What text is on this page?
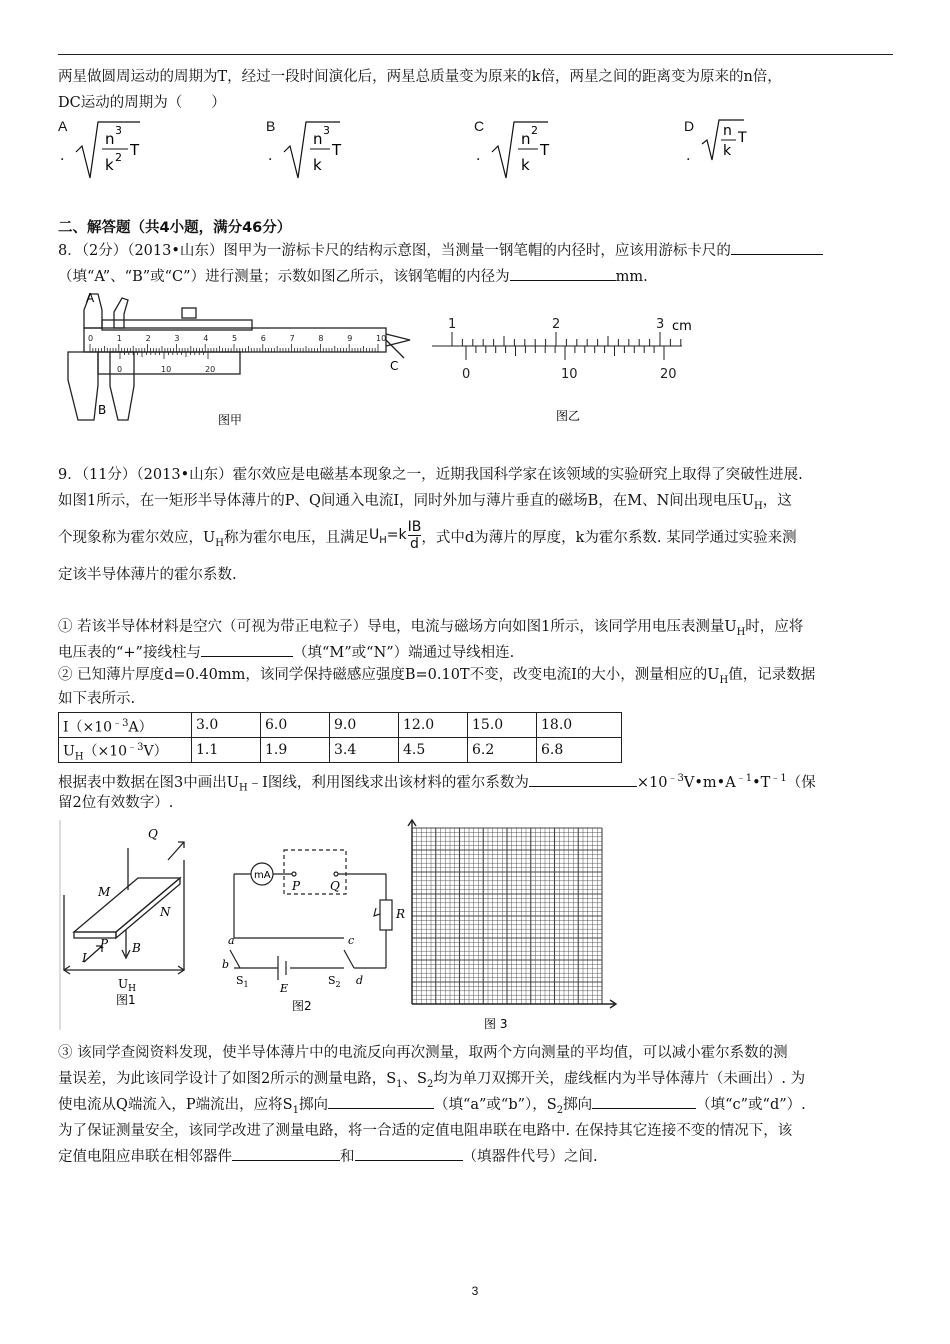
两星做圆周运动的周期为T，经过一段时间演化后，两星总质量变为原来的k倍，两星之间的距离变为原来的n倍，
DC运动的周期为（　　）
A
.
n 3
k 2 T
B
.
n 3
k
T
C
.
n 2
k
T
D
.
n
k
T
二、解答题（共4小题，满分46分）
8．（2分）（2013•山东）图甲为一游标卡尺的结构示意图，当测量一钢笔帽的内径时，应该用游标卡尺的
（填“A”、“B”或“C”）进行测量；示数如图乙所示，该钢笔帽的内径为	mm.
A
B
C
0	1	2	3	4	5	6	7	8	9	10
0	10	20
图甲
1	2	3 cm
0	10	20
图乙
9．（11分）（2013•山东）霍尔效应是电磁基本现象之一，近期我国科学家在该领域的实验研究上取得了突破性进展.
如图1所示，在一矩形半导体薄片的P、Q间通入电流I，同时外加与薄片垂直的磁场B，在M、N间出现电压$U_H$，这
个现象称为霍尔效应，$U_H$称为霍尔电压，且满足$U_H=k \frac{IB}{d}$ ，式中d为薄片的厚度，k为霍尔系数. 某同学通过实验来测
定该半导体薄片的霍尔系数.
① 若该半导体材料是空穴（可视为带正电粒子）导电，电流与磁场方向如图1所示，该同学用电压表测量$U_H$时，应将
电压表的“+”接线柱与	（填“M”或“N”）端通过导线相连.
② 已知薄片厚度d=0.40mm，该同学保持磁感应强度B=0.10T不变，改变电流I的大小，测量相应的$U_H$值，记录数据
如下表所示.
$I(\times 10^{﹣3}A)$	3.0	6.0	9.0	12.0	15.0	18.0
$U_H(\times 10^{﹣3}V)$	1.1	1.9	3.4	4.5	6.2	6.8
根据表中数据在图3中画出$U_H﹣I$图线，利用图线求出该材料的霍尔系数为	$\times 10^{﹣3}V•m•A^{﹣1}•T^{﹣1}$（保
留2位有效数字）.
Q
M
N
P B
I
$U_H$
图1
mA
P Q
R
a
b
c
d
E
$S_1$	$S_2$
图2
图 3
③ 该同学查阅资料发现，使半导体薄片中的电流反向再次测量，取两个方向测量的平均值，可以减小霍尔系数的测
量误差，为此该同学设计了如图2所示的测量电路，$S_1$、$S_2$均为单刀双掷开关，虚线框内为半导体薄片（未画出）. 为
使电流从Q端流入，P端流出，应将$S_1$掷向	（填“a”或“b”），$S_2$掷向	（填“c”或“d”）.
为了保证测量安全，该同学改进了测量电路，将一合适的定值电阻串联在电路中. 在保持其它连接不变的情况下，该
定值电阻应串联在相邻器件	和	（填器件代号）之间.
3
